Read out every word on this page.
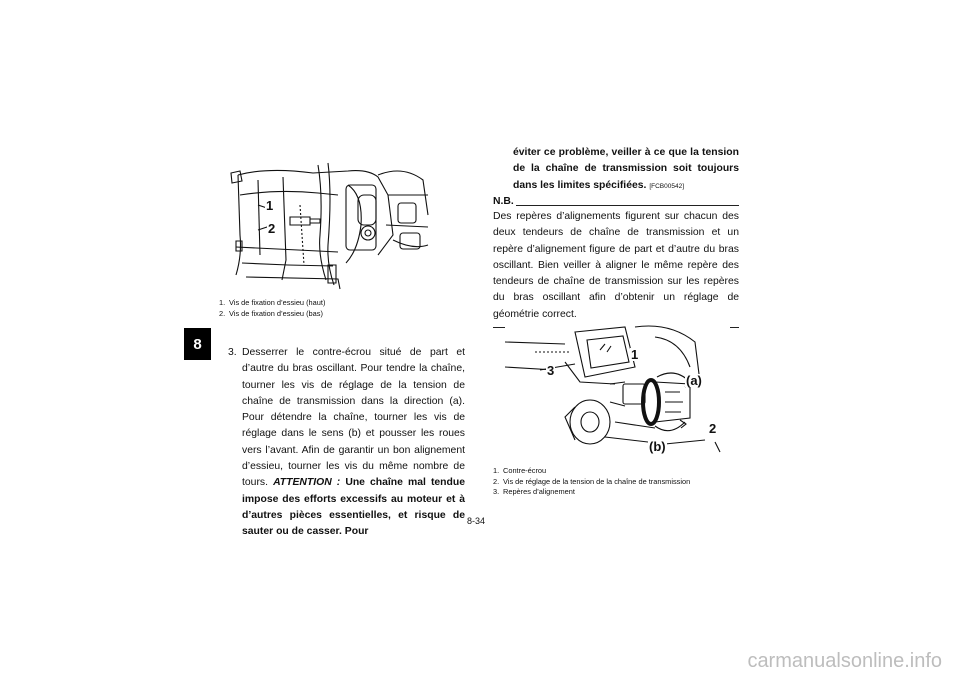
8
1
2
1. Vis de fixation d’essieu (haut)
2. Vis de fixation d’essieu (bas)
3. Desserrer le contre-écrou situé de part et d’autre du bras oscillant. Pour tendre la chaîne, tourner les vis de réglage de la tension de chaîne de transmission dans la direction (a). Pour détendre la chaîne, tourner les vis de réglage dans le sens (b) et pousser les roues vers l’avant. Afin de garantir un bon alignement d’essieu, tourner les vis du même nombre de tours. ATTENTION : Une chaîne mal tendue impose des efforts excessifs au moteur et à d’autres pièces essentielles, et risque de sauter ou de casser. Pour
éviter ce problème, veiller à ce que la tension de la chaîne de transmission soit toujours dans les limites spécifiées. [FCB00542]
N.B.
Des repères d’alignements figurent sur chacun des deux tendeurs de chaîne de transmission et un repère d’alignement figure de part et d’autre du bras oscillant. Bien veiller à aligner le même repère des tendeurs de chaîne de transmission sur les repères du bras oscillant afin d’obtenir un réglage de géométrie correct.
1
3
(a)
2
(b)
1. Contre-écrou
2. Vis de réglage de la tension de la chaîne de transmission
3. Repères d’alignement
8-34
carmanualsonline.info
